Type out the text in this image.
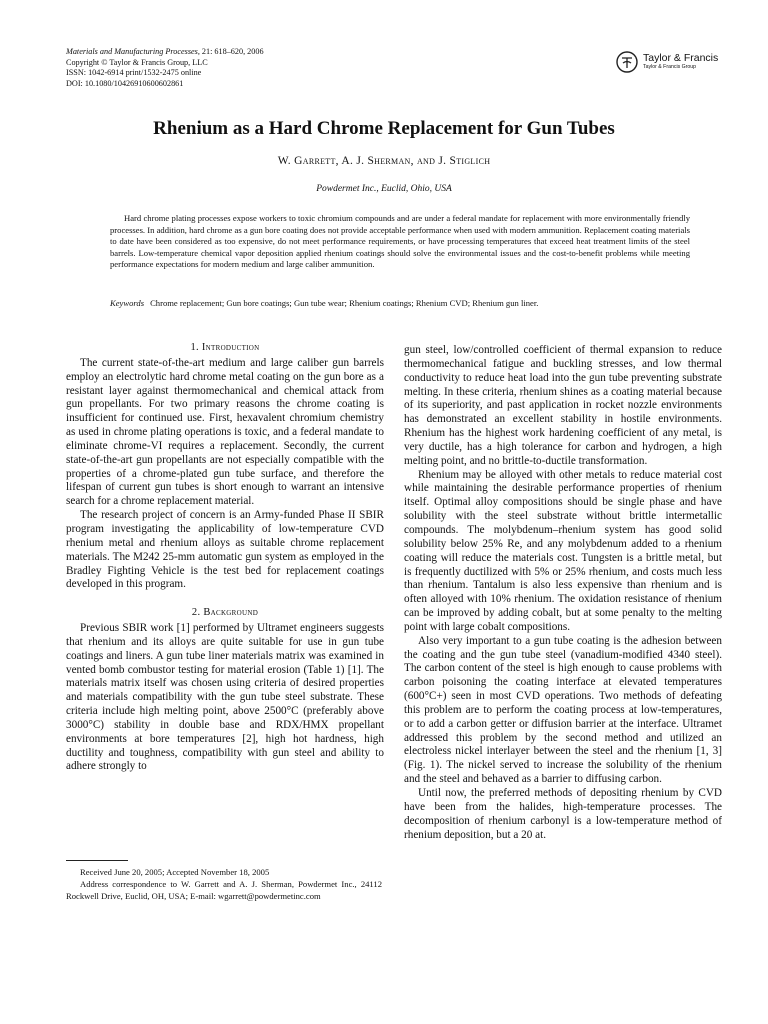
Materials and Manufacturing Processes, 21: 618–620, 2006
Copyright © Taylor & Francis Group, LLC
ISSN: 1042-6914 print/1532-2475 online
DOI: 10.1080/10426910600602861
Taylor & Francis
Taylor & Francis Group
Rhenium as a Hard Chrome Replacement for Gun Tubes
W. Garrett, A. J. Sherman, and J. Stiglich
Powdermet Inc., Euclid, Ohio, USA
Hard chrome plating processes expose workers to toxic chromium compounds and are under a federal mandate for replacement with more environmentally friendly processes. In addition, hard chrome as a gun bore coating does not provide acceptable performance when used with modern ammunition. Replacement coating materials to date have been considered as too expensive, do not meet performance requirements, or have processing temperatures that exceed heat treatment limits of the steel barrels. Low-temperature chemical vapor deposition applied rhenium coatings should solve the environmental issues and the cost-to-benefit problems while meeting performance expectations for modern medium and large caliber ammunition.
Keywords Chrome replacement; Gun bore coatings; Gun tube wear; Rhenium coatings; Rhenium CVD; Rhenium gun liner.

1. Introduction

The current state-of-the-art medium and large caliber gun barrels employ an electrolytic hard chrome metal coating on the gun bore as a resistant layer against thermomechanical and chemical attack from gun propellants. For two primary reasons the chrome coating is insufficient for continued use. First, hexavalent chromium chemistry as used in chrome plating operations is toxic, and a federal mandate to eliminate chrome-VI requires a replacement. Secondly, the current state-of-the-art gun propellants are not especially compatible with the properties of a chrome-plated gun tube surface, and therefore the lifespan of current gun tubes is short enough to warrant an intensive search for a chrome replacement material.

The research project of concern is an Army-funded Phase II SBIR program investigating the applicability of low-temperature CVD rhenium metal and rhenium alloys as suitable chrome replacement materials. The M242 25-mm automatic gun system as employed in the Bradley Fighting Vehicle is the test bed for replacement coatings developed in this program.

2. Background

Previous SBIR work [1] performed by Ultramet engineers suggests that rhenium and its alloys are quite suitable for use in gun tube coatings and liners. A gun tube liner materials matrix was examined in vented bomb combustor testing for material erosion (Table 1) [1]. The materials matrix itself was chosen using criteria of desired properties and materials compatibility with the gun tube steel substrate. These criteria include high melting point, above 2500°C (preferably above 3000°C) stability in double base and RDX/HMX propellant environments at bore temperatures [2], high hot hardness, high ductility and toughness, compatibility with gun steel and ability to adhere strongly to

Received June 20, 2005; Accepted November 18, 2005

Address correspondence to W. Garrett and A. J. Sherman, Powdermet Inc., 24112 Rockwell Drive, Euclid, OH, USA; E-mail: wgarrett@powdermetinc.com

gun steel, low/controlled coefficient of thermal expansion to reduce thermomechanical fatigue and buckling stresses, and low thermal conductivity to reduce heat load into the gun tube preventing substrate melting. In these criteria, rhenium shines as a coating material because of its superiority, and past application in rocket nozzle environments has demonstrated an excellent stability in hostile environments. Rhenium has the highest work hardening coefficient of any metal, is very ductile, has a high tolerance for carbon and hydrogen, a high melting point, and no brittle-to-ductile transformation.

Rhenium may be alloyed with other metals to reduce material cost while maintaining the desirable performance properties of rhenium itself. Optimal alloy compositions should be single phase and have solubility with the steel substrate without brittle intermetallic compounds. The molybdenum–rhenium system has good solid solubility below 25% Re, and any molybdenum added to a rhenium coating will reduce the materials cost. Tungsten is a brittle metal, but is frequently ductilized with 5% or 25% rhenium, and costs much less than rhenium. Tantalum is also less expensive than rhenium and is often alloyed with 10% rhenium. The oxidation resistance of rhenium can be improved by adding cobalt, but at some penalty to the melting point with large cobalt compositions.

Also very important to a gun tube coating is the adhesion between the coating and the gun tube steel (vanadium-modified 4340 steel). The carbon content of the steel is high enough to cause problems with carbon poisoning the coating interface at elevated temperatures (600°C+) seen in most CVD operations. Two methods of defeating this problem are to perform the coating process at low-temperatures, or to add a carbon getter or diffusion barrier at the interface. Ultramet addressed this problem by the second method and utilized an electroless nickel interlayer between the steel and the rhenium [1, 3] (Fig. 1). The nickel served to increase the solubility of the rhenium and the steel and behaved as a barrier to diffusing carbon.

Until now, the preferred methods of depositing rhenium by CVD have been from the halides, high-temperature processes. The decomposition of rhenium carbonyl is a low-temperature method of rhenium deposition, but a 20 at.
